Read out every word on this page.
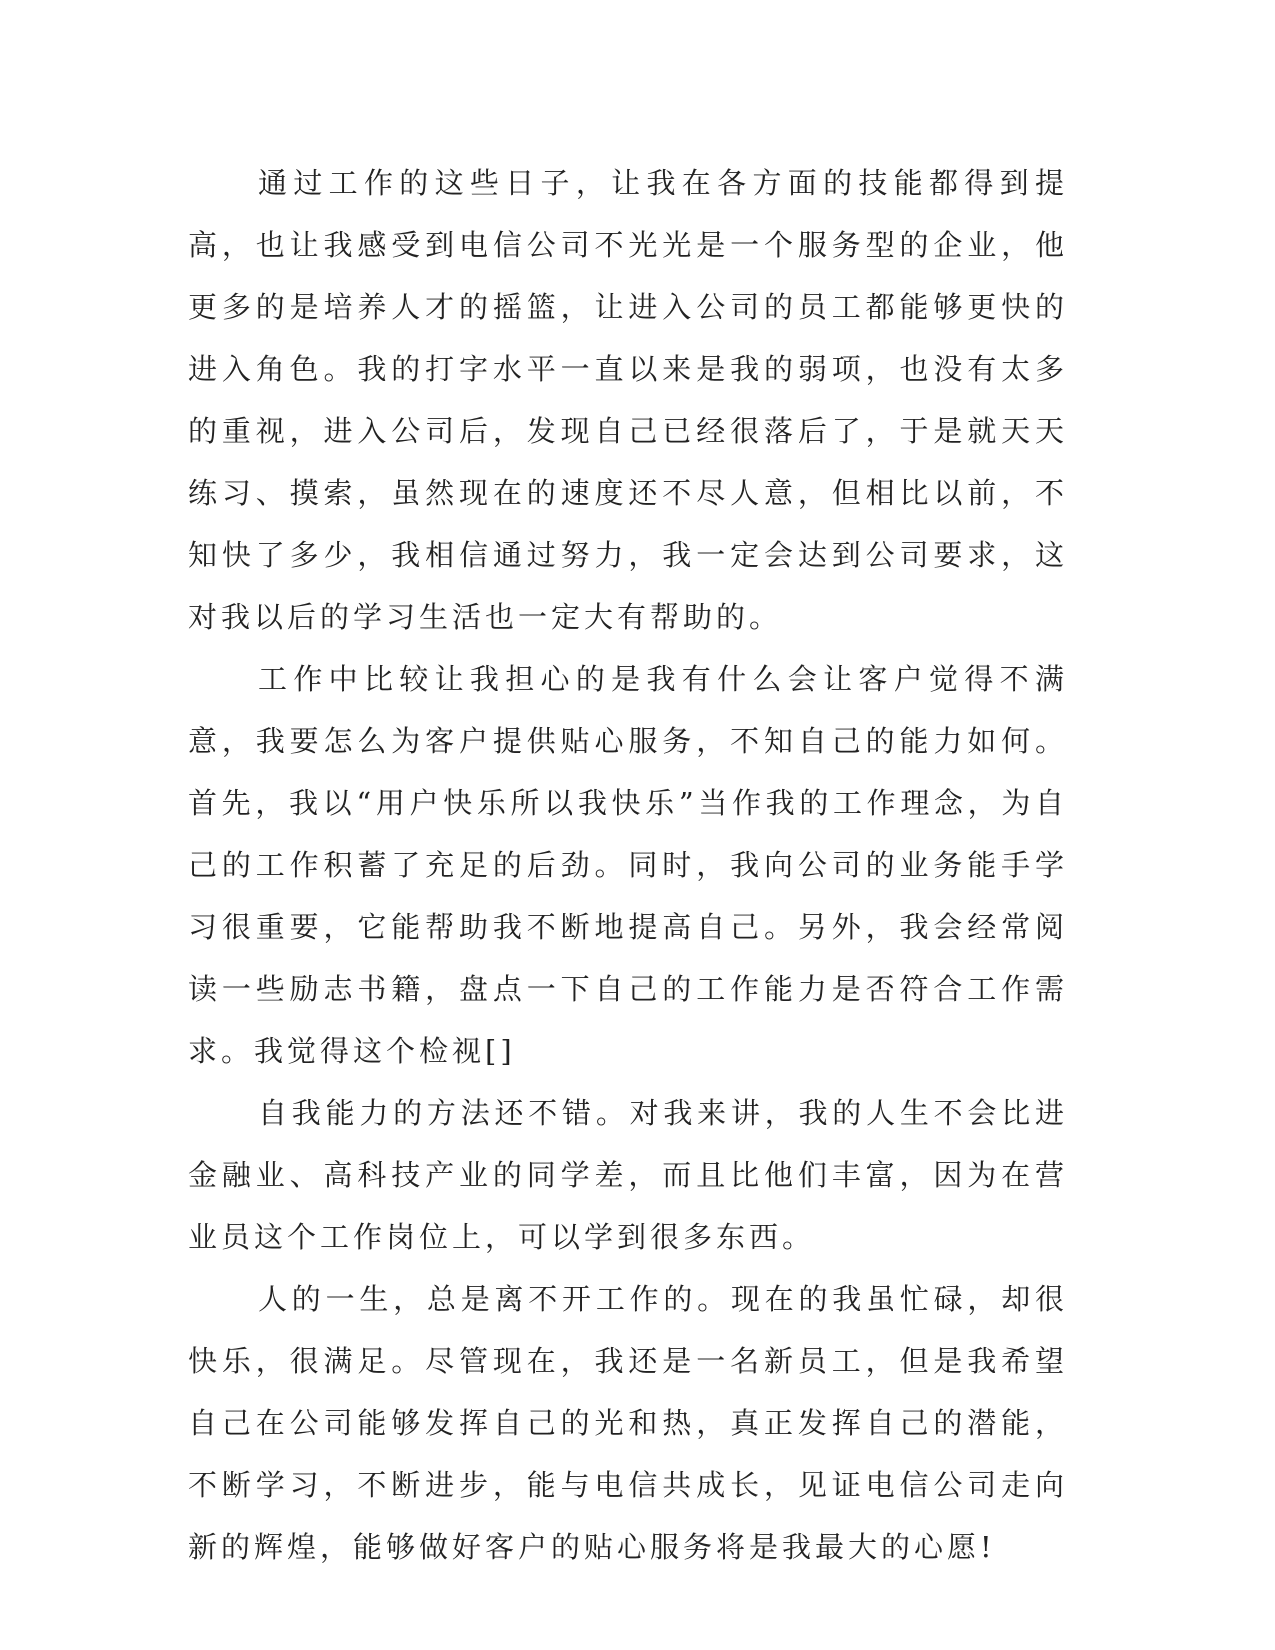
通过工作的这些日子，让我在各方面的技能都得到提高，也让我感受到电信公司不光光是一个服务型的企业，他更多的是培养人才的摇篮，让进入公司的员工都能够更快的进入角色。我的打字水平一直以来是我的弱项，也没有太多的重视，进入公司后，发现自己已经很落后了，于是就天天练习、摸索，虽然现在的速度还不尽人意，但相比以前，不知快了多少，我相信通过努力，我一定会达到公司要求，这对我以后的学习生活也一定大有帮助的。

工作中比较让我担心的是我有什么会让客户觉得不满意，我要怎么为客户提供贴心服务，不知自己的能力如何。首先，我以“用户快乐所以我快乐”当作我的工作理念，为自己的工作积蓄了充足的后劲。同时，我向公司的业务能手学习很重要，它能帮助我不断地提高自己。另外，我会经常阅读一些励志书籍，盘点一下自己的工作能力是否符合工作需求。我觉得这个检视[]

自我能力的方法还不错。对我来讲，我的人生不会比进金融业、高科技产业的同学差，而且比他们丰富，因为在营业员这个工作岗位上，可以学到很多东西。

人的一生，总是离不开工作的。现在的我虽忙碌，却很快乐，很满足。尽管现在，我还是一名新员工，但是我希望自己在公司能够发挥自己的光和热，真正发挥自己的潜能，不断学习，不断进步，能与电信共成长，见证电信公司走向新的辉煌，能够做好客户的贴心服务将是我最大的心愿!
